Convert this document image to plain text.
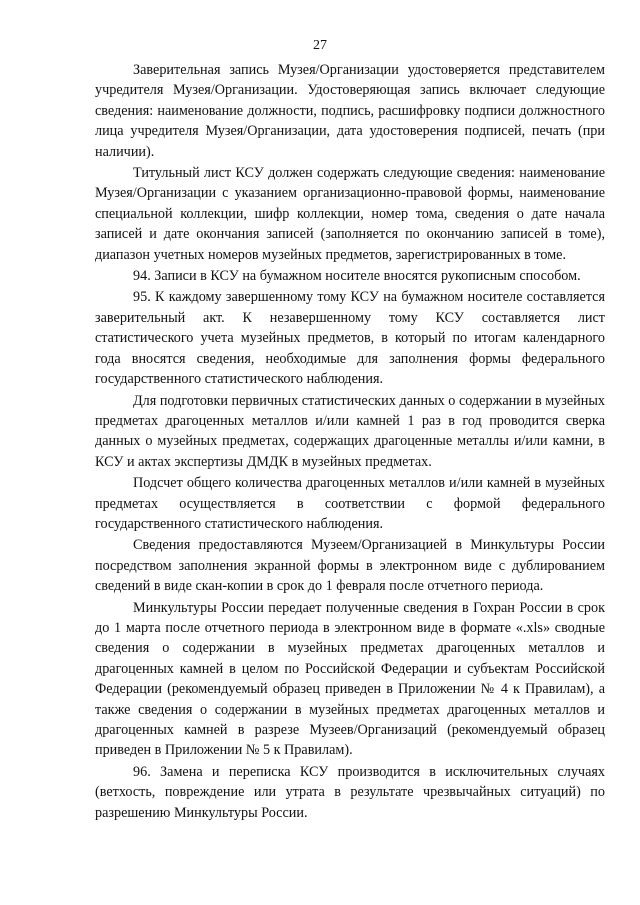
27

Заверительная запись Музея/Организации удостоверяется представителем учредителя Музея/Организации. Удостоверяющая запись включает следующие сведения: наименование должности, подпись, расшифровку подписи должностного лица учредителя Музея/Организации, дата удостоверения подписей, печать (при наличии).

Титульный лист КСУ должен содержать следующие сведения: наименование Музея/Организации с указанием организационно-правовой формы, наименование специальной коллекции, шифр коллекции, номер тома, сведения о дате начала записей и дате окончания записей (заполняется по окончанию записей в томе), диапазон учетных номеров музейных предметов, зарегистрированных в томе.

94. Записи в КСУ на бумажном носителе вносятся рукописным способом.

95. К каждому завершенному тому КСУ на бумажном носителе составляется заверительный акт. К незавершенному тому КСУ составляется лист статистического учета музейных предметов, в который по итогам календарного года вносятся сведения, необходимые для заполнения формы федерального государственного статистического наблюдения.

Для подготовки первичных статистических данных о содержании в музейных предметах драгоценных металлов и/или камней 1 раз в год проводится сверка данных о музейных предметах, содержащих драгоценные металлы и/или камни, в КСУ и актах экспертизы ДМДК в музейных предметах.

Подсчет общего количества драгоценных металлов и/или камней в музейных предметах осуществляется в соответствии с формой федерального государственного статистического наблюдения.

Сведения предоставляются Музеем/Организацией в Минкультуры России посредством заполнения экранной формы в электронном виде с дублированием сведений в виде скан-копии в срок до 1 февраля после отчетного периода.

Минкультуры России передает полученные сведения в Гохран России в срок до 1 марта после отчетного периода в электронном виде в формате «.xls» сводные сведения о содержании в музейных предметах драгоценных металлов и драгоценных камней в целом по Российской Федерации и субъектам Российской Федерации (рекомендуемый образец приведен в Приложении № 4 к Правилам), а также сведения о содержании в музейных предметах драгоценных металлов и драгоценных камней в разрезе Музеев/Организаций (рекомендуемый образец приведен в Приложении № 5 к Правилам).

96. Замена и переписка КСУ производится в исключительных случаях (ветхость, повреждение или утрата в результате чрезвычайных ситуаций) по разрешению Минкультуры России.
